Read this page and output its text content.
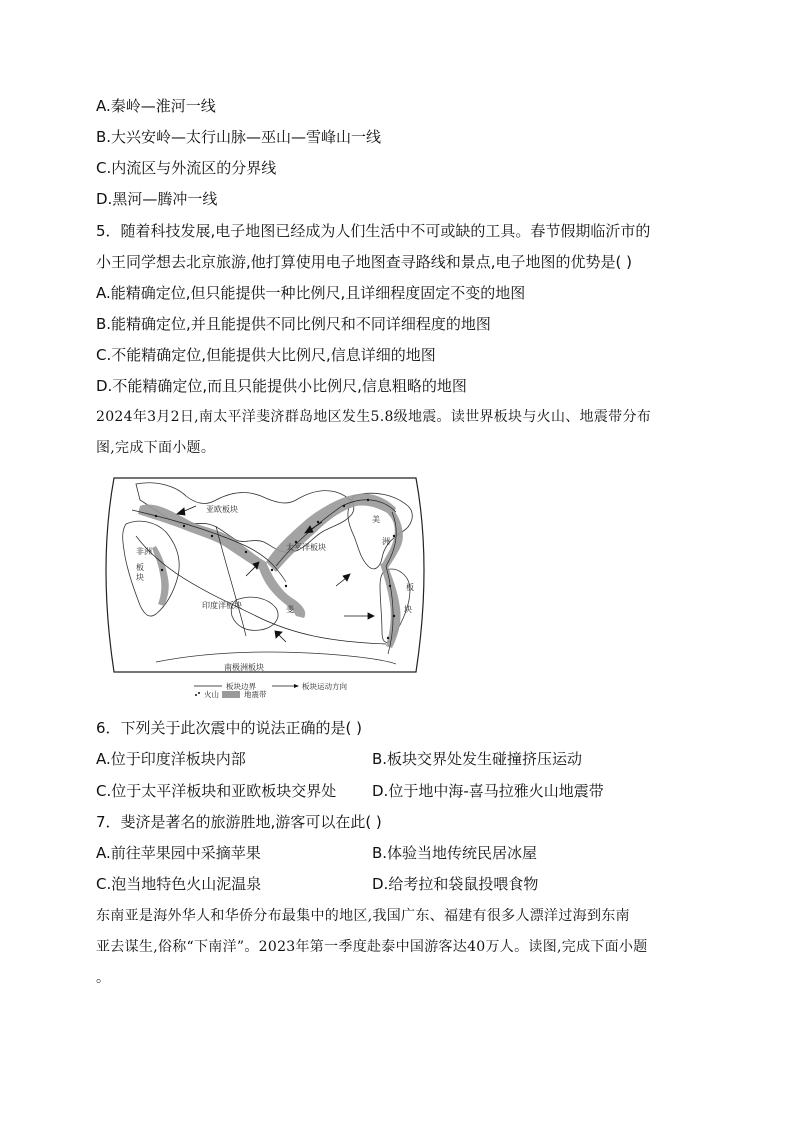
A.秦岭—淮河一线
B.大兴安岭—太行山脉—巫山—雪峰山一线
C.内流区与外流区的分界线
D.黑河—腾冲一线
5．随着科技发展,电子地图已经成为人们生活中不可或缺的工具。春节假期临沂市的
小王同学想去北京旅游,他打算使用电子地图查寻路线和景点,电子地图的优势是( )
A.能精确定位,但只能提供一种比例尺,且详细程度固定不变的地图
B.能精确定位,并且能提供不同比例尺和不同详细程度的地图
C.不能精确定位,但能提供大比例尺,信息详细的地图
D.不能精确定位,而且只能提供小比例尺,信息粗略的地图
2024年3月2日,南太平洋斐济群岛地区发生5.8级地震。读世界板块与火山、地震带分布
图,完成下面小题。
亚欧板块
非 洲
板
块
太平洋板块
印度洋板块
南极洲板块
美
洲
板
块
斐
板块边界	板块运动方向
火山	地震带
6．下列关于此次震中的说法正确的是( )
A.位于印度洋板块内部	B.板块交界处发生碰撞挤压运动
C.位于太平洋板块和亚欧板块交界处 D.位于地中海-喜马拉雅火山地震带
7．斐济是著名的旅游胜地,游客可以在此( )
A.前往苹果园中采摘苹果	B.体验当地传统民居冰屋
C.泡当地特色火山泥温泉	D.给考拉和袋鼠投喂食物
东南亚是海外华人和华侨分布最集中的地区,我国广东、福建有很多人漂洋过海到东南
亚去谋生,俗称“下南洋”。2023年第一季度赴泰中国游客达40万人。读图,完成下面小题
。
